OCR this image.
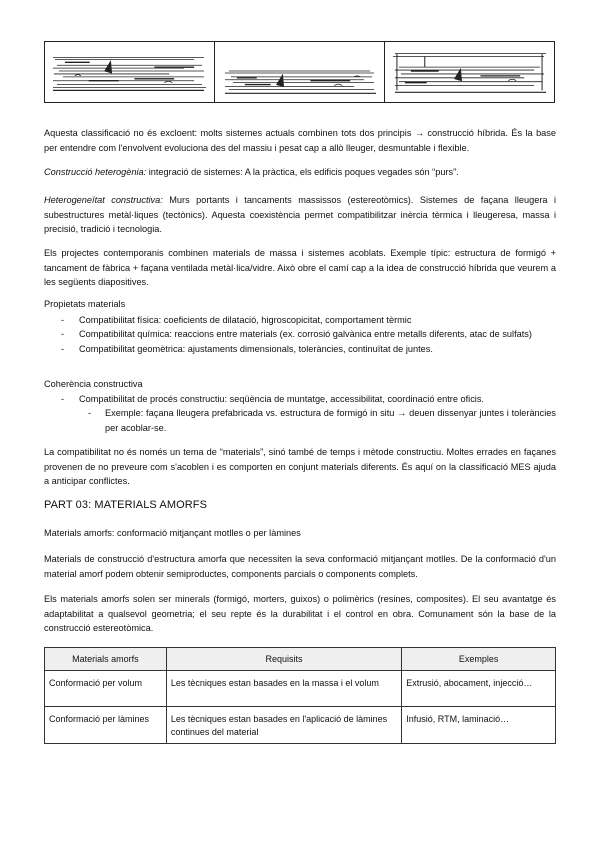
Aquesta classificació no és excloent: molts sistemes actuals combinen tots dos principis → construcció híbrida. És la base per entendre com l'envolvent evoluciona des del massiu i pesat cap a allò lleuger, desmuntable i flexible.

Construcció heterogènia: integració de sistemes: A la pràctica, els edificis poques vegades són “purs”.

Heterogeneïtat constructiva: Murs portants i tancaments massissos (estereotòmics). Sistemes de façana lleugera i subestructures metàl·liques (tectònics). Aquesta coexistència permet compatibilitzar inèrcia tèrmica i lleugeresa, massa i precisió, tradició i tecnologia.

Els projectes contemporanis combinen materials de massa i sistemes acoblats. Exemple típic: estructura de formigó + tancament de fàbrica + façana ventilada metàl·lica/vidre. Això obre el camí cap a la idea de construcció híbrida que veurem a les següents diapositives.

Propietats materials

- Compatibilitat física: coeficients de dilatació, higroscopicitat, comportament tèrmic
- Compatibilitat química: reaccions entre materials (ex. corrosió galvànica entre metalls diferents, atac de sulfats)
- Compatibilitat geomètrica: ajustaments dimensionals, toleràncies, continuïtat de juntes.

Coherència constructiva

- Compatibilitat de procés constructiu: seqüència de muntatge, accessibilitat, coordinació entre oficis.
- Exemple: façana lleugera prefabricada vs. estructura de formigó in situ → deuen dissenyar juntes i toleràncies per acoblar-se.

La compatibilitat no és només un tema de “materials”, sinó també de temps i mètode constructiu. Moltes errades en façanes provenen de no preveure com s'acoblen i es comporten en conjunt materials diferents. És aquí on la classificació MES ajuda a anticipar conflictes.

PART 03: MATERIALS AMORFS

Materials amorfs: conformació mitjançant motlles o per làmines

Materials de construcció d'estructura amorfa que necessiten la seva conformació mitjançant motlles. De la conformació d'un material amorf podem obtenir semiproductes, components parcials o components complets.

Els materials amorfs solen ser minerals (formigó, morters, guixos) o polimèrics (resines, composites). El seu avantatge és adaptabilitat a qualsevol geometria; el seu repte és la durabilitat i el control en obra. Comunament són la base de la construcció estereotòmica.

Materials amorfs	Requisits	Exemples
Conformació per volum	Les tècniques estan basades en la massa i el volum	Extrusió, abocament, injecció…
Conformació per làmines	Les tècniques estan basades en l'aplicació de làmines continues del material	Infusió, RTM, laminació…
